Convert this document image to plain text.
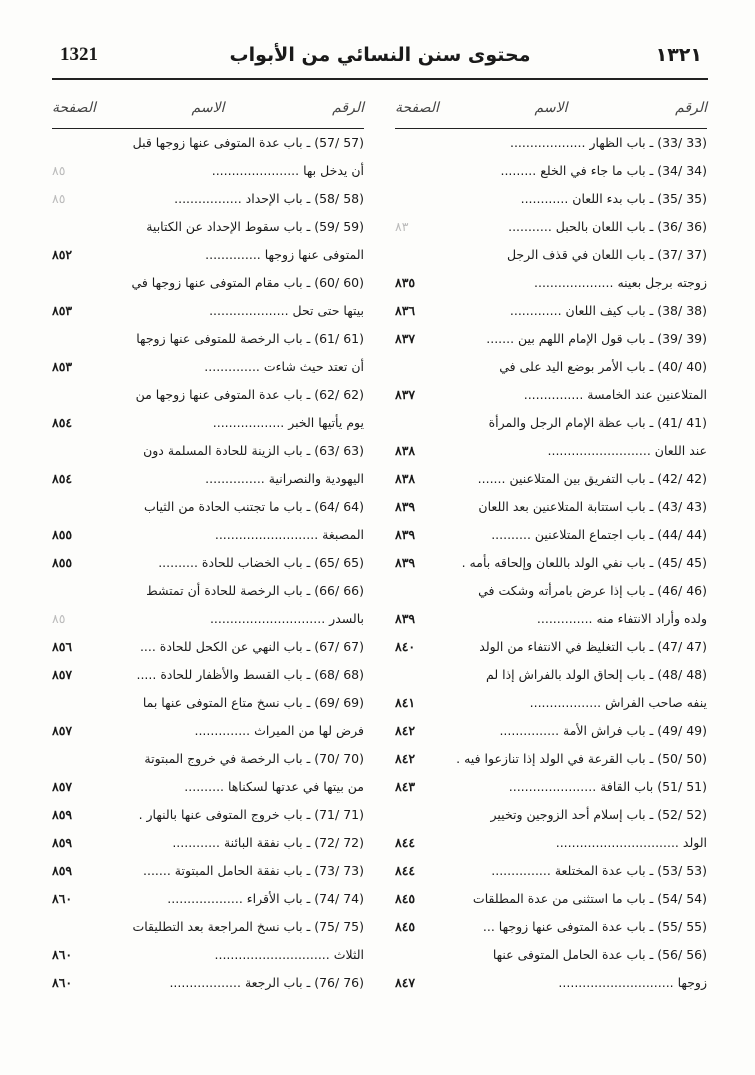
1321	محتوى سنن النسائي من الأبواب	١٣٢١
الرقم
الاسم
الصفحة
(33 /33) ـ باب الظهار ...................
(34 /34) ـ باب ما جاء في الخلع .........
(35 /35) ـ باب بدء اللعان ............
(36 /36) ـ باب اللعان بالحبل ...........
٨٣
(37 /37) ـ باب اللعان في قذف الرجل
زوجته برجل بعينه ....................
٨٣٥
(38 /38) ـ باب كيف اللعان .............
٨٣٦
(39 /39) ـ باب قول الإمام اللهم بين .......
٨٣٧
(40 /40) ـ باب الأمر بوضع اليد على في
المتلاعنين عند الخامسة ...............
٨٣٧
(41 /41) ـ باب عظة الإمام الرجل والمرأة
عند اللعان ..........................
٨٣٨
(42 /42) ـ باب التفريق بين المتلاعنين .......
٨٣٨
(43 /43) ـ باب استتابة المتلاعنين بعد اللعان
٨٣٩
(44 /44) ـ باب اجتماع المتلاعنين ..........
٨٣٩
(45 /45) ـ باب نفي الولد باللعان وإلحاقه بأمه .
٨٣٩
(46 /46) ـ باب إذا عرض بامرأته وشكت في
ولده وأراد الانتفاء منه ..............
٨٣٩
(47 /47) ـ باب التغليظ في الانتفاء من الولد
٨٤٠
(48 /48) ـ باب إلحاق الولد بالفراش إذا لم
ينفه صاحب الفراش ..................
٨٤١
(49 /49) ـ باب فراش الأمة ...............
٨٤٢
(50 /50) ـ باب القرعة في الولد إذا تنازعوا فيه .
٨٤٢
(51 /51) باب القافة ......................
٨٤٣
(52 /52) ـ باب إسلام أحد الزوجين وتخيير
الولد ...............................
٨٤٤
(53 /53) ـ باب عدة المختلعة ...............
٨٤٤
(54 /54) ـ باب ما استثنى من عدة المطلقات
٨٤٥
(55 /55) ـ باب عدة المتوفى عنها زوجها ...
٨٤٥
(56 /56) ـ باب عدة الحامل المتوفى عنها
زوجها .............................
٨٤٧
الرقم
الاسم
الصفحة
(57 /57) ـ باب عدة المتوفى عنها زوجها قبل
أن يدخل بها ......................
٨٥
(58 /58) ـ باب الإحداد .................
٨٥
(59 /59) ـ باب سقوط الإحداد عن الكتابية
المتوفى عنها زوجها ..............
٨٥٢
(60 /60) ـ باب مقام المتوفى عنها زوجها في
بيتها حتى تحل ....................
٨٥٣
(61 /61) ـ باب الرخصة للمتوفى عنها زوجها
أن تعتد حيث شاءت ..............
٨٥٣
(62 /62) ـ باب عدة المتوفى عنها زوجها من
يوم يأتيها الخبر ..................
٨٥٤
(63 /63) ـ باب الزينة للحادة المسلمة دون
اليهودية والنصرانية ...............
٨٥٤
(64 /64) ـ باب ما تجتنب الحادة من الثياب
المصبغة ..........................
٨٥٥
(65 /65) ـ باب الخضاب للحادة ..........
٨٥٥
(66 /66) ـ باب الرخصة للحادة أن تمتشط
بالسدر .............................
٨٥
(67 /67) ـ باب النهي عن الكحل للحادة ....
٨٥٦
(68 /68) ـ باب القسط والأظفار للحادة .....
٨٥٧
(69 /69) ـ باب نسخ متاع المتوفى عنها بما
فرض لها من الميراث ..............
٨٥٧
(70 /70) ـ باب الرخصة في خروج المبتوتة
من بيتها في عدتها لسكناها ..........
٨٥٧
(71 /71) ـ باب خروج المتوفى عنها بالنهار .
٨٥٩
(72 /72) ـ باب نفقة البائنة ............
٨٥٩
(73 /73) ـ باب نفقة الحامل المبتوتة .......
٨٥٩
(74 /74) ـ باب الأقراء ...................
٨٦٠
(75 /75) ـ باب نسخ المراجعة بعد التطليقات
الثلاث .............................
٨٦٠
(76 /76) ـ باب الرجعة ..................
٨٦٠
